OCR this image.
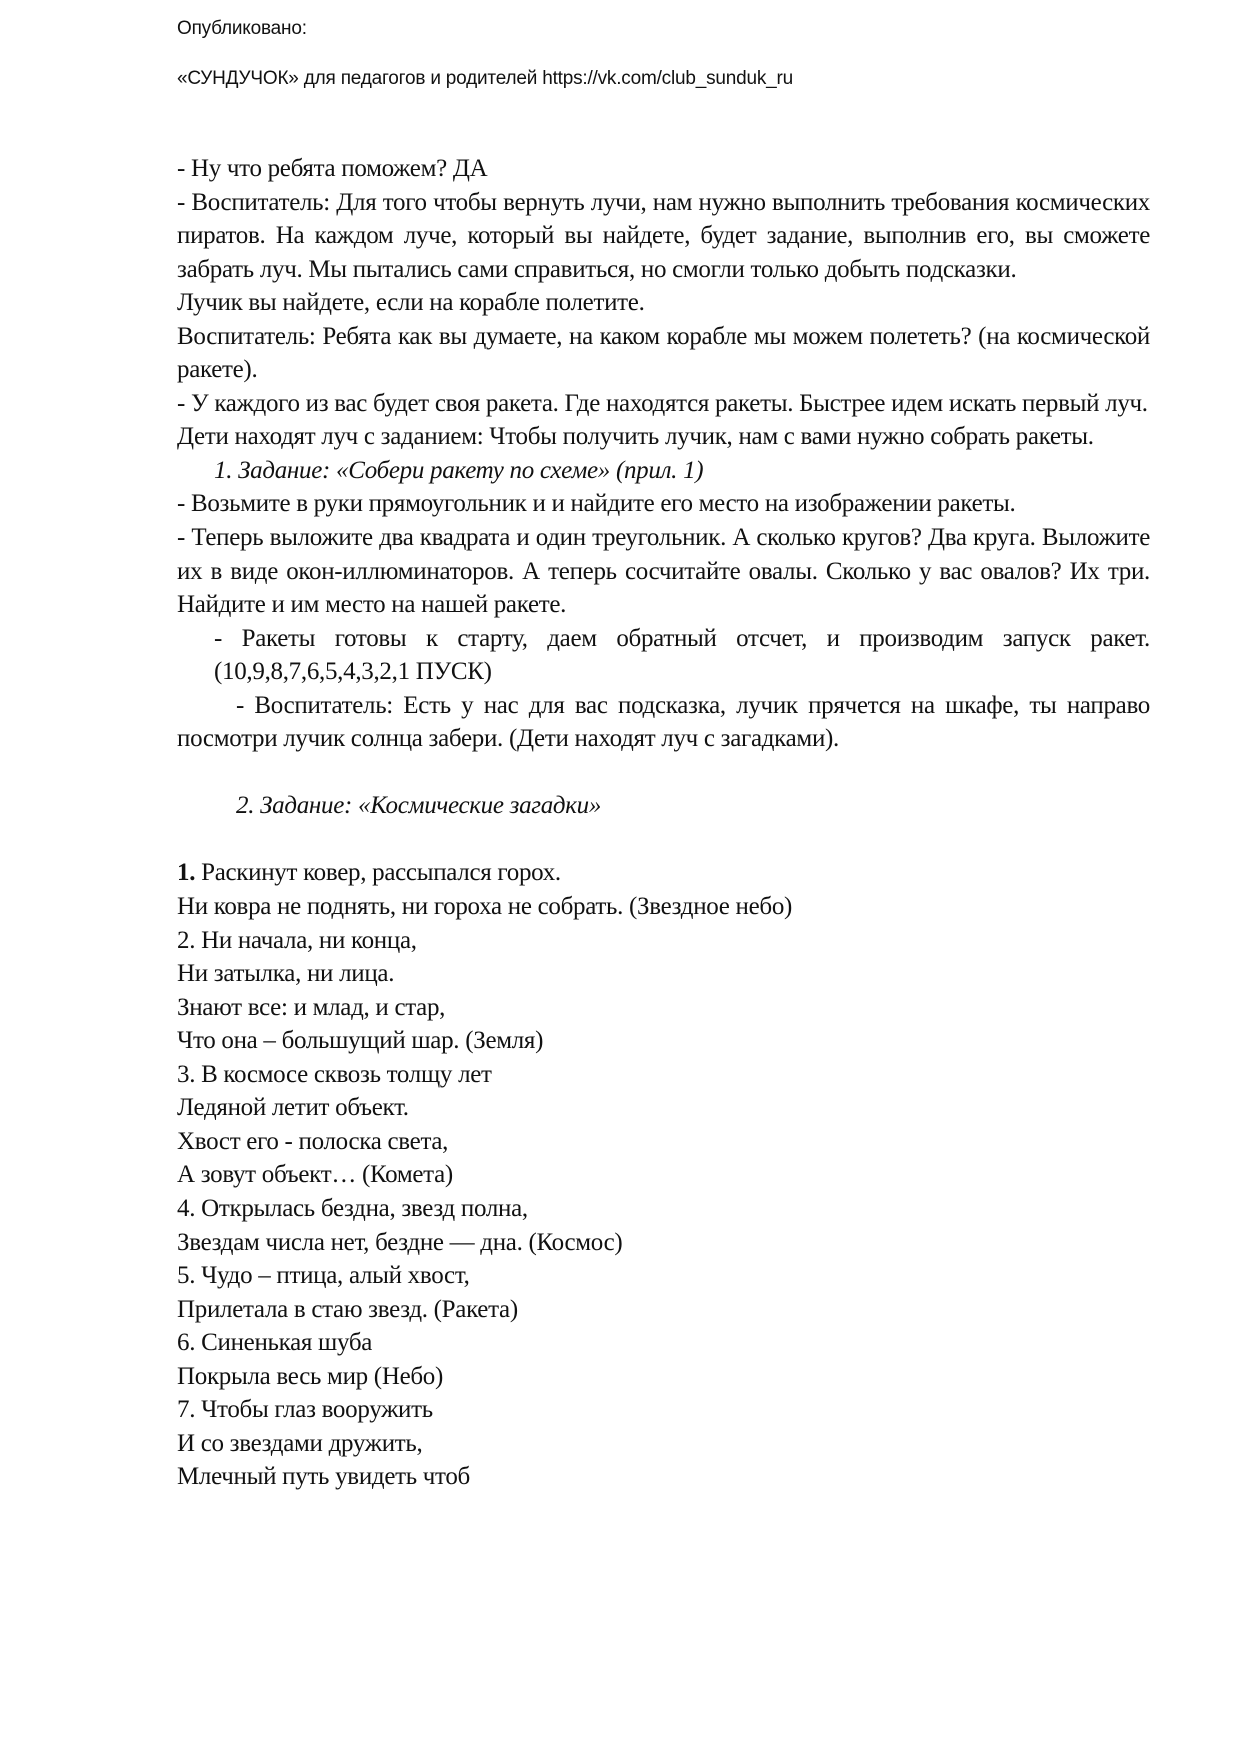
Опубликовано:
«СУНДУЧОК» для педагогов и родителей https://vk.com/club_sunduk_ru

- Ну что ребята поможем? ДА

- Воспитатель: Для того чтобы вернуть лучи, нам нужно выполнить требования космических пиратов. На каждом луче, который вы найдете, будет задание, выполнив его, вы сможете забрать луч. Мы пытались сами справиться, но смогли только добыть подсказки.

Лучик вы найдете, если на корабле полетите.

Воспитатель: Ребята как вы думаете, на каком корабле мы можем полететь? (на космической ракете).

- У каждого из вас будет своя ракета. Где находятся ракеты. Быстрее идем искать первый луч.

Дети находят луч с заданием: Чтобы получить лучик, нам с вами нужно собрать ракеты.

1. Задание: «Собери ракету по схеме» (прил. 1)

- Возьмите в руки прямоугольник и и найдите его место на изображении ракеты.

- Теперь выложите два квадрата и один треугольник. А сколько кругов? Два круга. Выложите их в виде окон-иллюминаторов. А теперь сосчитайте овалы. Сколько у вас овалов? Их три. Найдите и им место на нашей ракете.

- Ракеты готовы к старту, даем обратный отсчет, и производим запуск ракет. (10,9,8,7,6,5,4,3,2,1 ПУСК)

- Воспитатель: Есть у нас для вас подсказка, лучик прячется на шкафе, ты направо посмотри лучик солнца забери. (Дети находят луч с загадками).

2. Задание: «Космические загадки»

1. Раскинут ковер, рассыпался горох.

Ни ковра не поднять, ни гороха не собрать. (Звездное небо)

2. Ни начала, ни конца,

Ни затылка, ни лица.

Знают все: и млад, и стар,

Что она – большущий шар. (Земля)

3. В космосе сквозь толщу лет

Ледяной летит объект.

Хвост его - полоска света,

А зовут объект… (Комета)

4. Открылась бездна, звезд полна,

Звездам числа нет, бездне — дна. (Космос)

5. Чудо – птица, алый хвост,

Прилетала в стаю звезд. (Ракета)

6. Синенькая шуба

Покрыла весь мир (Небо)

7. Чтобы глаз вооружить

И со звездами дружить,

Млечный путь увидеть чтоб
